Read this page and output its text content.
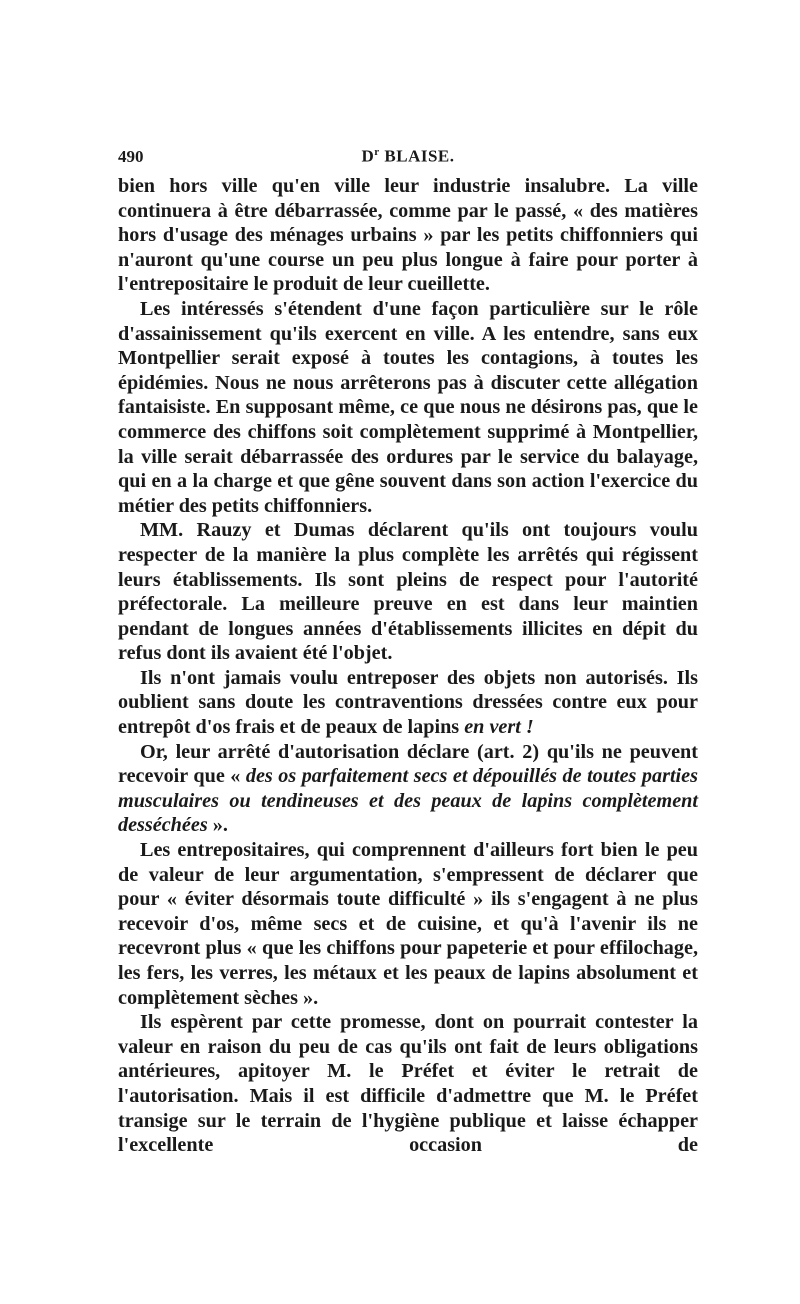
490	$D^r$ BLAISE.

bien hors ville qu'en ville leur industrie insalubre. La ville continuera à être débarrassée, comme par le passé, « des matières hors d'usage des ménages urbains » par les petits chiffonniers qui n'auront qu'une course un peu plus longue à faire pour porter à l'entrepositaire le produit de leur cueillette.

Les intéressés s'étendent d'une façon particulière sur le rôle d'assainissement qu'ils exercent en ville. A les entendre, sans eux Montpellier serait exposé à toutes les contagions, à toutes les épidémies. Nous ne nous arrêterons pas à discuter cette allégation fantaisiste. En supposant même, ce que nous ne désirons pas, que le commerce des chiffons soit complètement supprimé à Montpellier, la ville serait débarrassée des ordures par le service du balayage, qui en a la charge et que gêne souvent dans son action l'exercice du métier des petits chiffonniers.

MM. Rauzy et Dumas déclarent qu'ils ont toujours voulu respecter de la manière la plus complète les arrêtés qui régissent leurs établissements. Ils sont pleins de respect pour l'autorité préfectorale. La meilleure preuve en est dans leur maintien pendant de longues années d'établissements illicites en dépit du refus dont ils avaient été l'objet.

Ils n'ont jamais voulu entreposer des objets non autorisés. Ils oublient sans doute les contraventions dressées contre eux pour entrepôt d'os frais et de peaux de lapins en vert !

Or, leur arrêté d'autorisation déclare (art. 2) qu'ils ne peuvent recevoir que « des os parfaitement secs et dépouillés de toutes parties musculaires ou tendineuses et des peaux de lapins complètement desséchées ».

Les entrepositaires, qui comprennent d'ailleurs fort bien le peu de valeur de leur argumentation, s'empressent de déclarer que pour « éviter désormais toute difficulté » ils s'engagent à ne plus recevoir d'os, même secs et de cuisine, et qu'à l'avenir ils ne recevront plus « que les chiffons pour papeterie et pour effilochage, les fers, les verres, les métaux et les peaux de lapins absolument et complètement sèches ».

Ils espèrent par cette promesse, dont on pourrait contester la valeur en raison du peu de cas qu'ils ont fait de leurs obligations antérieures, apitoyer M. le Préfet et éviter le retrait de l'autorisation. Mais il est difficile d'admettre que M. le Préfet transige sur le terrain de l'hygiène publique et laisse échapper l'excellente occasion de
